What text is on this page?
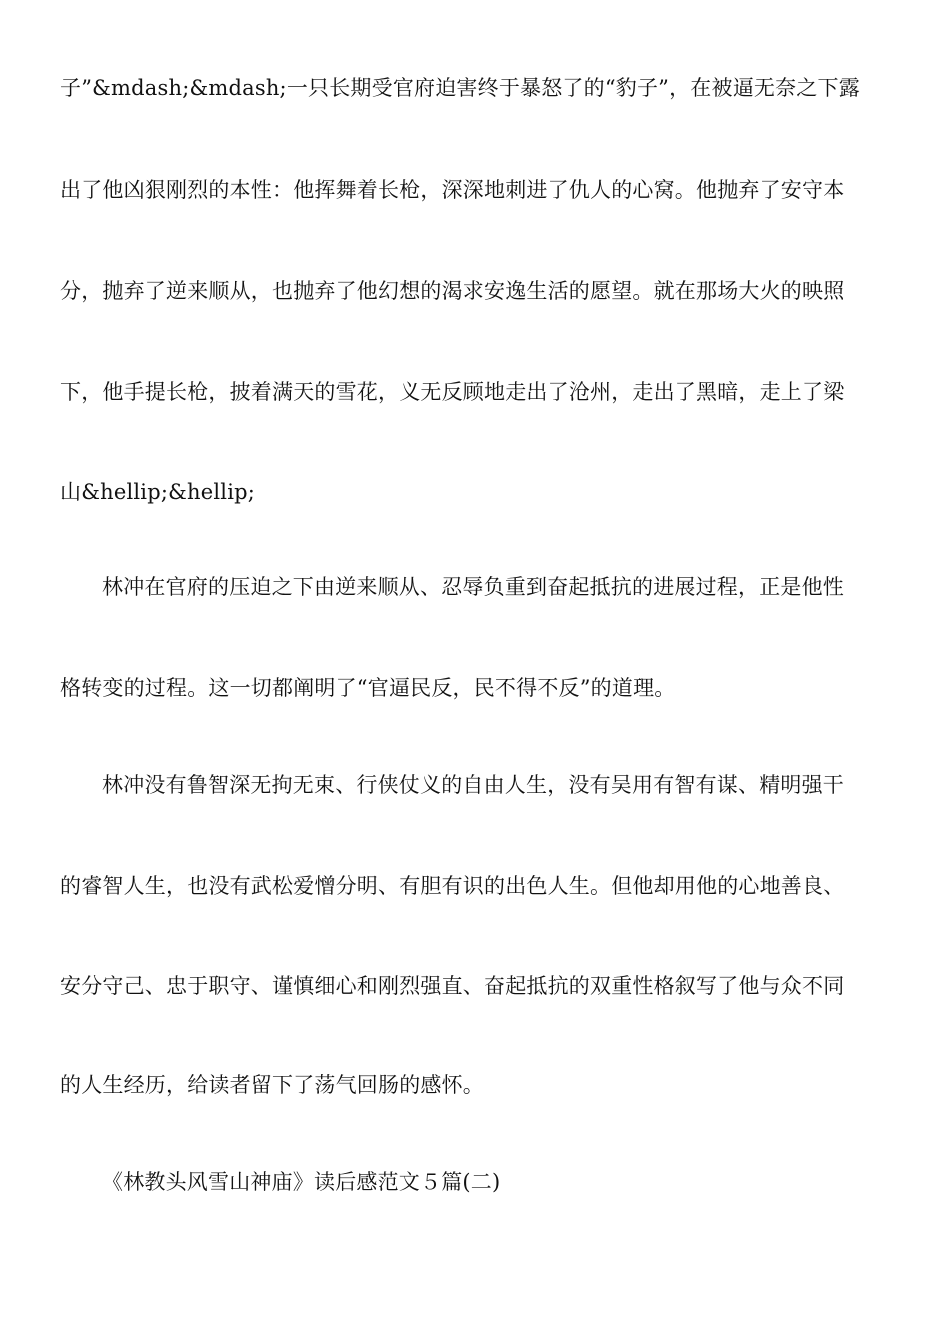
子”&mdash;&mdash;一只长期受官府迫害终于暴怒了的“豹子”，在被逼无奈之下露
出了他凶狠刚烈的本性：他挥舞着长枪，深深地刺进了仇人的心窝。他抛弃了安守本
分，抛弃了逆来顺从，也抛弃了他幻想的渴求安逸生活的愿望。就在那场大火的映照
下，他手提长枪，披着满天的雪花，义无反顾地走出了沧州，走出了黑暗，走上了梁
山&hellip;&hellip;
林冲在官府的压迫之下由逆来顺从、忍辱负重到奋起抵抗的进展过程，正是他性
格转变的过程。这一切都阐明了“官逼民反，民不得不反”的道理。
林冲没有鲁智深无拘无束、行侠仗义的自由人生，没有吴用有智有谋、精明强干
的睿智人生，也没有武松爱憎分明、有胆有识的出色人生。但他却用他的心地善良、
安分守己、忠于职守、谨慎细心和刚烈强直、奋起抵抗的双重性格叙写了他与众不同
的人生经历，给读者留下了荡气回肠的感怀。
《林教头风雪山神庙》读后感范文５篇(二)
